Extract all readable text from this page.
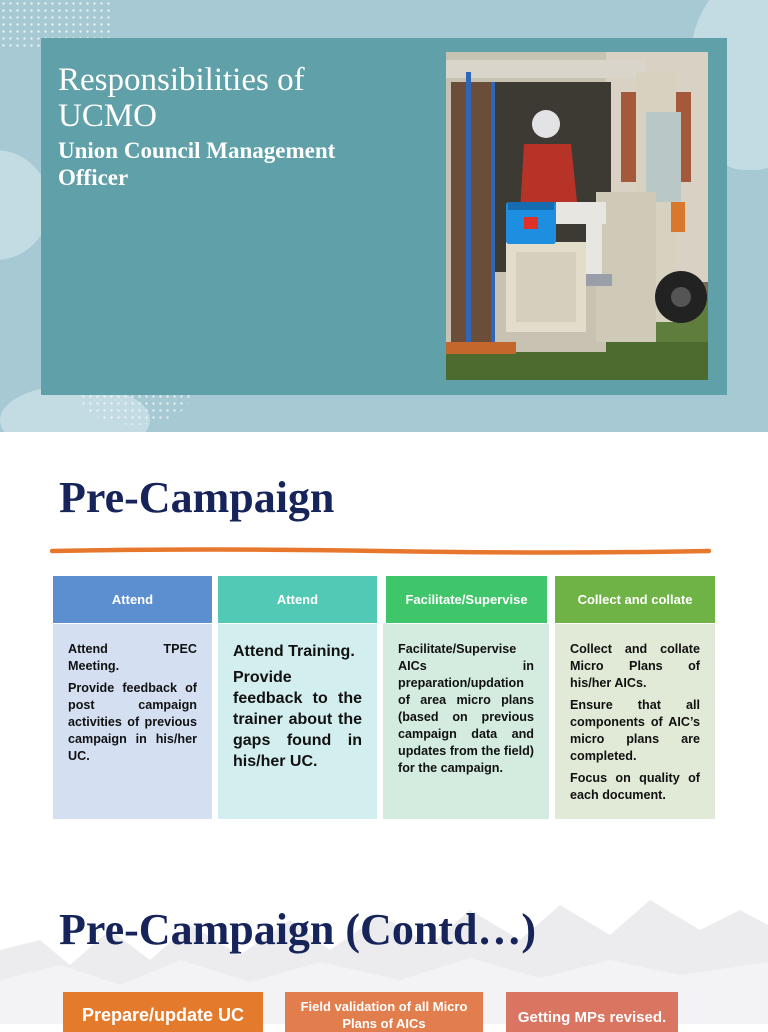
Responsibilities of UCMO
Union Council Management Officer
Pre-Campaign
Attend

Attend TPEC Meeting.

Provide feedback of post campaign activities of previous campaign in his/her UC.

Attend

Attend Training.

Provide feedback to the trainer about the gaps found in his/her UC.

Facilitate/Supervise

Facilitate/Supervise AICs in preparation/updation of area micro plans (based on previous campaign data and updates from the field) for the campaign.

Collect and collate

Collect and collate Micro Plans of his/her AICs.

Ensure that all components of AIC’s micro plans are completed.

Focus on quality of each document.

Pre-Campaign (Contd…)
Prepare/update UC	Field validation of all Micro Plans of AICs	Getting MPs revised.
